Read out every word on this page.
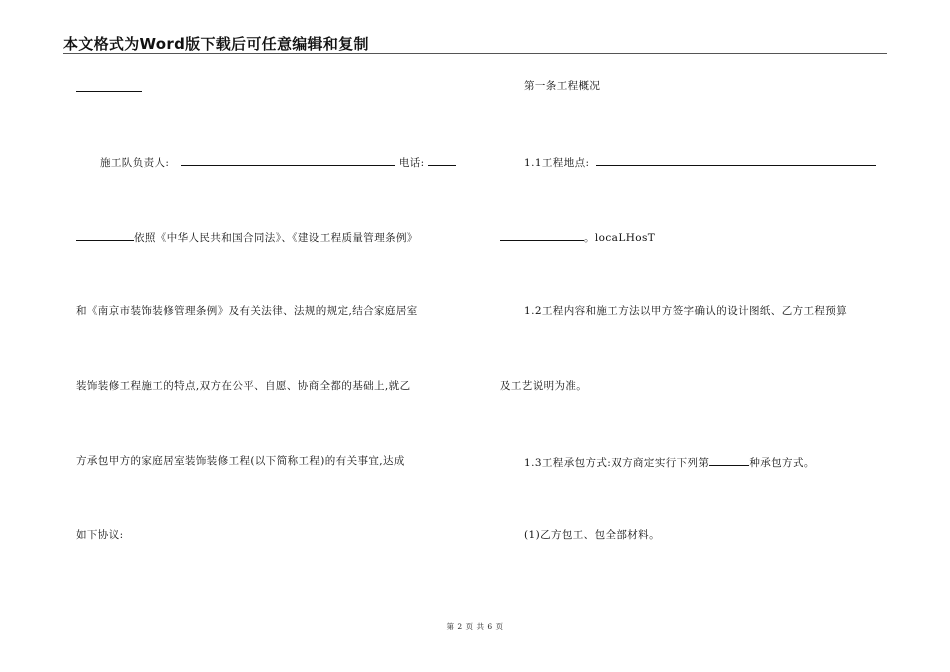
本文格式为Word版下载后可任意编辑和复制
施工队负责人:	电话:
依照《中华人民共和国合同法》、《建设工程质量管理条例》
和《南京市装饰装修管理条例》及有关法律、法规的规定,结合家庭居室
装饰装修工程施工的特点,双方在公平、自愿、协商全都的基础上,就乙
方承包甲方的家庭居室装饰装修工程(以下简称工程)的有关事宜,达成
如下协议:
第一条工程概况
1.1工程地点:
。locaLHosT
1.2工程内容和施工方法以甲方签字确认的设计图纸、乙方工程预算
及工艺说明为准。
1.3工程承包方式:双方商定实行下列第	种承包方式。
(1)乙方包工、包全部材料。
第 2 页 共 6 页
